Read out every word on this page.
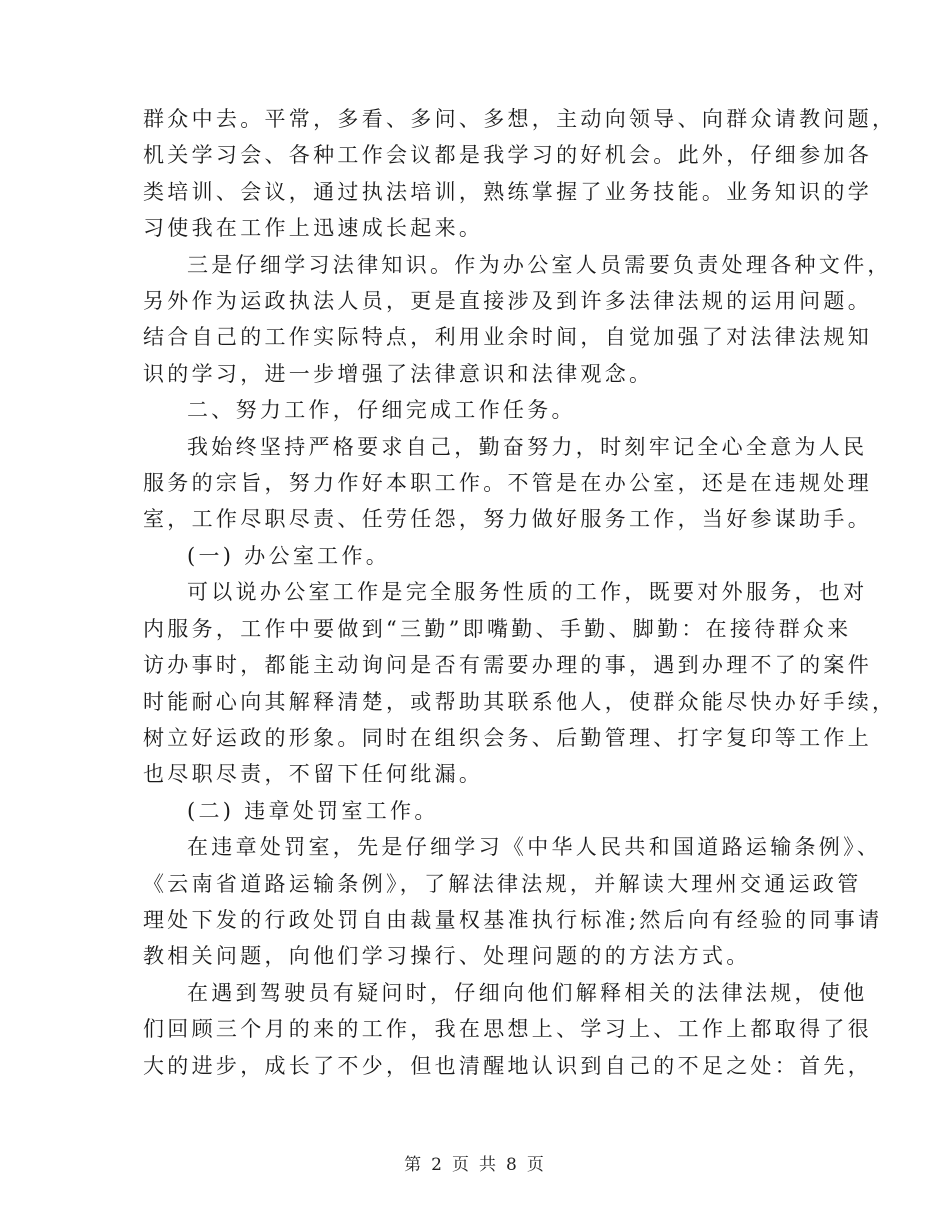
群众中去。平常，多看、多问、多想，主动向领导、向群众请教问题，
机关学习会、各种工作会议都是我学习的好机会。此外，仔细参加各
类培训、会议，通过执法培训，熟练掌握了业务技能。业务知识的学
习使我在工作上迅速成长起来。
三是仔细学习法律知识。作为办公室人员需要负责处理各种文件，
另外作为运政执法人员，更是直接涉及到许多法律法规的运用问题。
结合自己的工作实际特点，利用业余时间，自觉加强了对法律法规知
识的学习，进一步增强了法律意识和法律观念。
二、努力工作，仔细完成工作任务。
我始终坚持严格要求自己，勤奋努力，时刻牢记全心全意为人民
服务的宗旨，努力作好本职工作。不管是在办公室，还是在违规处理
室，工作尽职尽责、任劳任怨，努力做好服务工作，当好参谋助手。
(一) 办公室工作。
可以说办公室工作是完全服务性质的工作，既要对外服务，也对
内服务，工作中要做到“三勤”即嘴勤、手勤、脚勤：在接待群众来
访办事时，都能主动询问是否有需要办理的事，遇到办理不了的案件
时能耐心向其解释清楚，或帮助其联系他人，使群众能尽快办好手续，
树立好运政的形象。同时在组织会务、后勤管理、打字复印等工作上
也尽职尽责，不留下任何纰漏。
(二) 违章处罚室工作。
在违章处罚室，先是仔细学习《中华人民共和国道路运输条例》、
《云南省道路运输条例》，了解法律法规，并解读大理州交通运政管
理处下发的行政处罚自由裁量权基准执行标准;然后向有经验的同事请
教相关问题，向他们学习操行、处理问题的的方法方式。
在遇到驾驶员有疑问时，仔细向他们解释相关的法律法规，使他
们回顾三个月的来的工作，我在思想上、学习上、工作上都取得了很
大的进步，成长了不少，但也清醒地认识到自己的不足之处：首先，

第 2 页 共 8 页
